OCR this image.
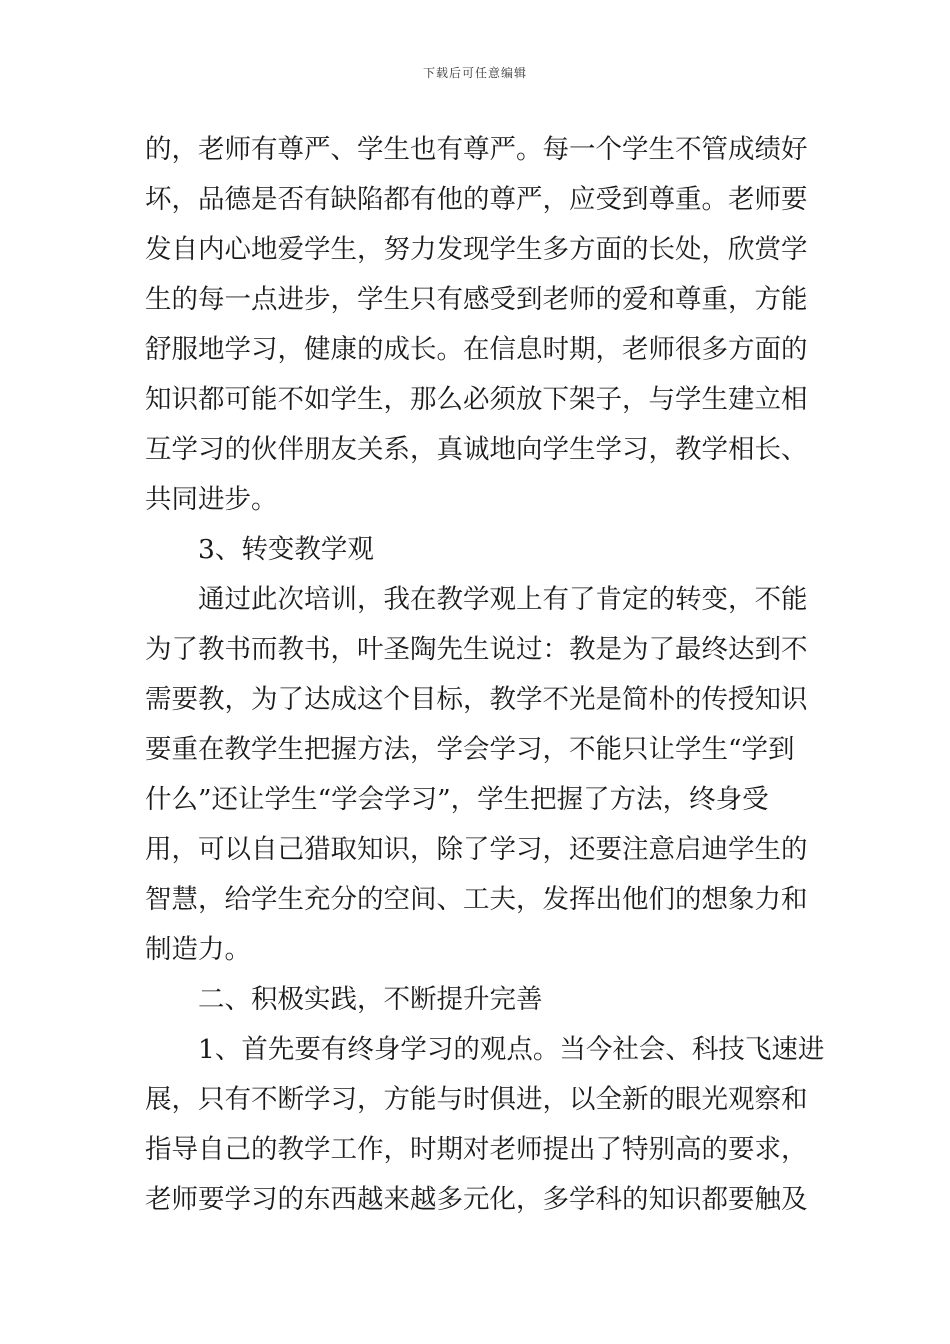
下载后可任意编辑
的，老师有尊严、学生也有尊严。每一个学生不管成绩好
坏，品德是否有缺陷都有他的尊严，应受到尊重。老师要
发自内心地爱学生，努力发现学生多方面的长处，欣赏学
生的每一点进步，学生只有感受到老师的爱和尊重，方能
舒服地学习，健康的成长。在信息时期，老师很多方面的
知识都可能不如学生，那么必须放下架子，与学生建立相
互学习的伙伴朋友关系，真诚地向学生学习，教学相长、
共同进步。
3、转变教学观
通过此次培训，我在教学观上有了肯定的转变，不能
为了教书而教书，叶圣陶先生说过：教是为了最终达到不
需要教，为了达成这个目标，教学不光是简朴的传授知识
要重在教学生把握方法，学会学习，不能只让学生“学到
什么”还让学生“学会学习”，学生把握了方法，终身受
用，可以自己猎取知识，除了学习，还要注意启迪学生的
智慧，给学生充分的空间、工夫，发挥出他们的想象力和
制造力。
二、积极实践，不断提升完善
1、首先要有终身学习的观点。当今社会、科技飞速进
展，只有不断学习，方能与时俱进，以全新的眼光观察和
指导自己的教学工作，时期对老师提出了特别高的要求，
老师要学习的东西越来越多元化，多学科的知识都要触及
